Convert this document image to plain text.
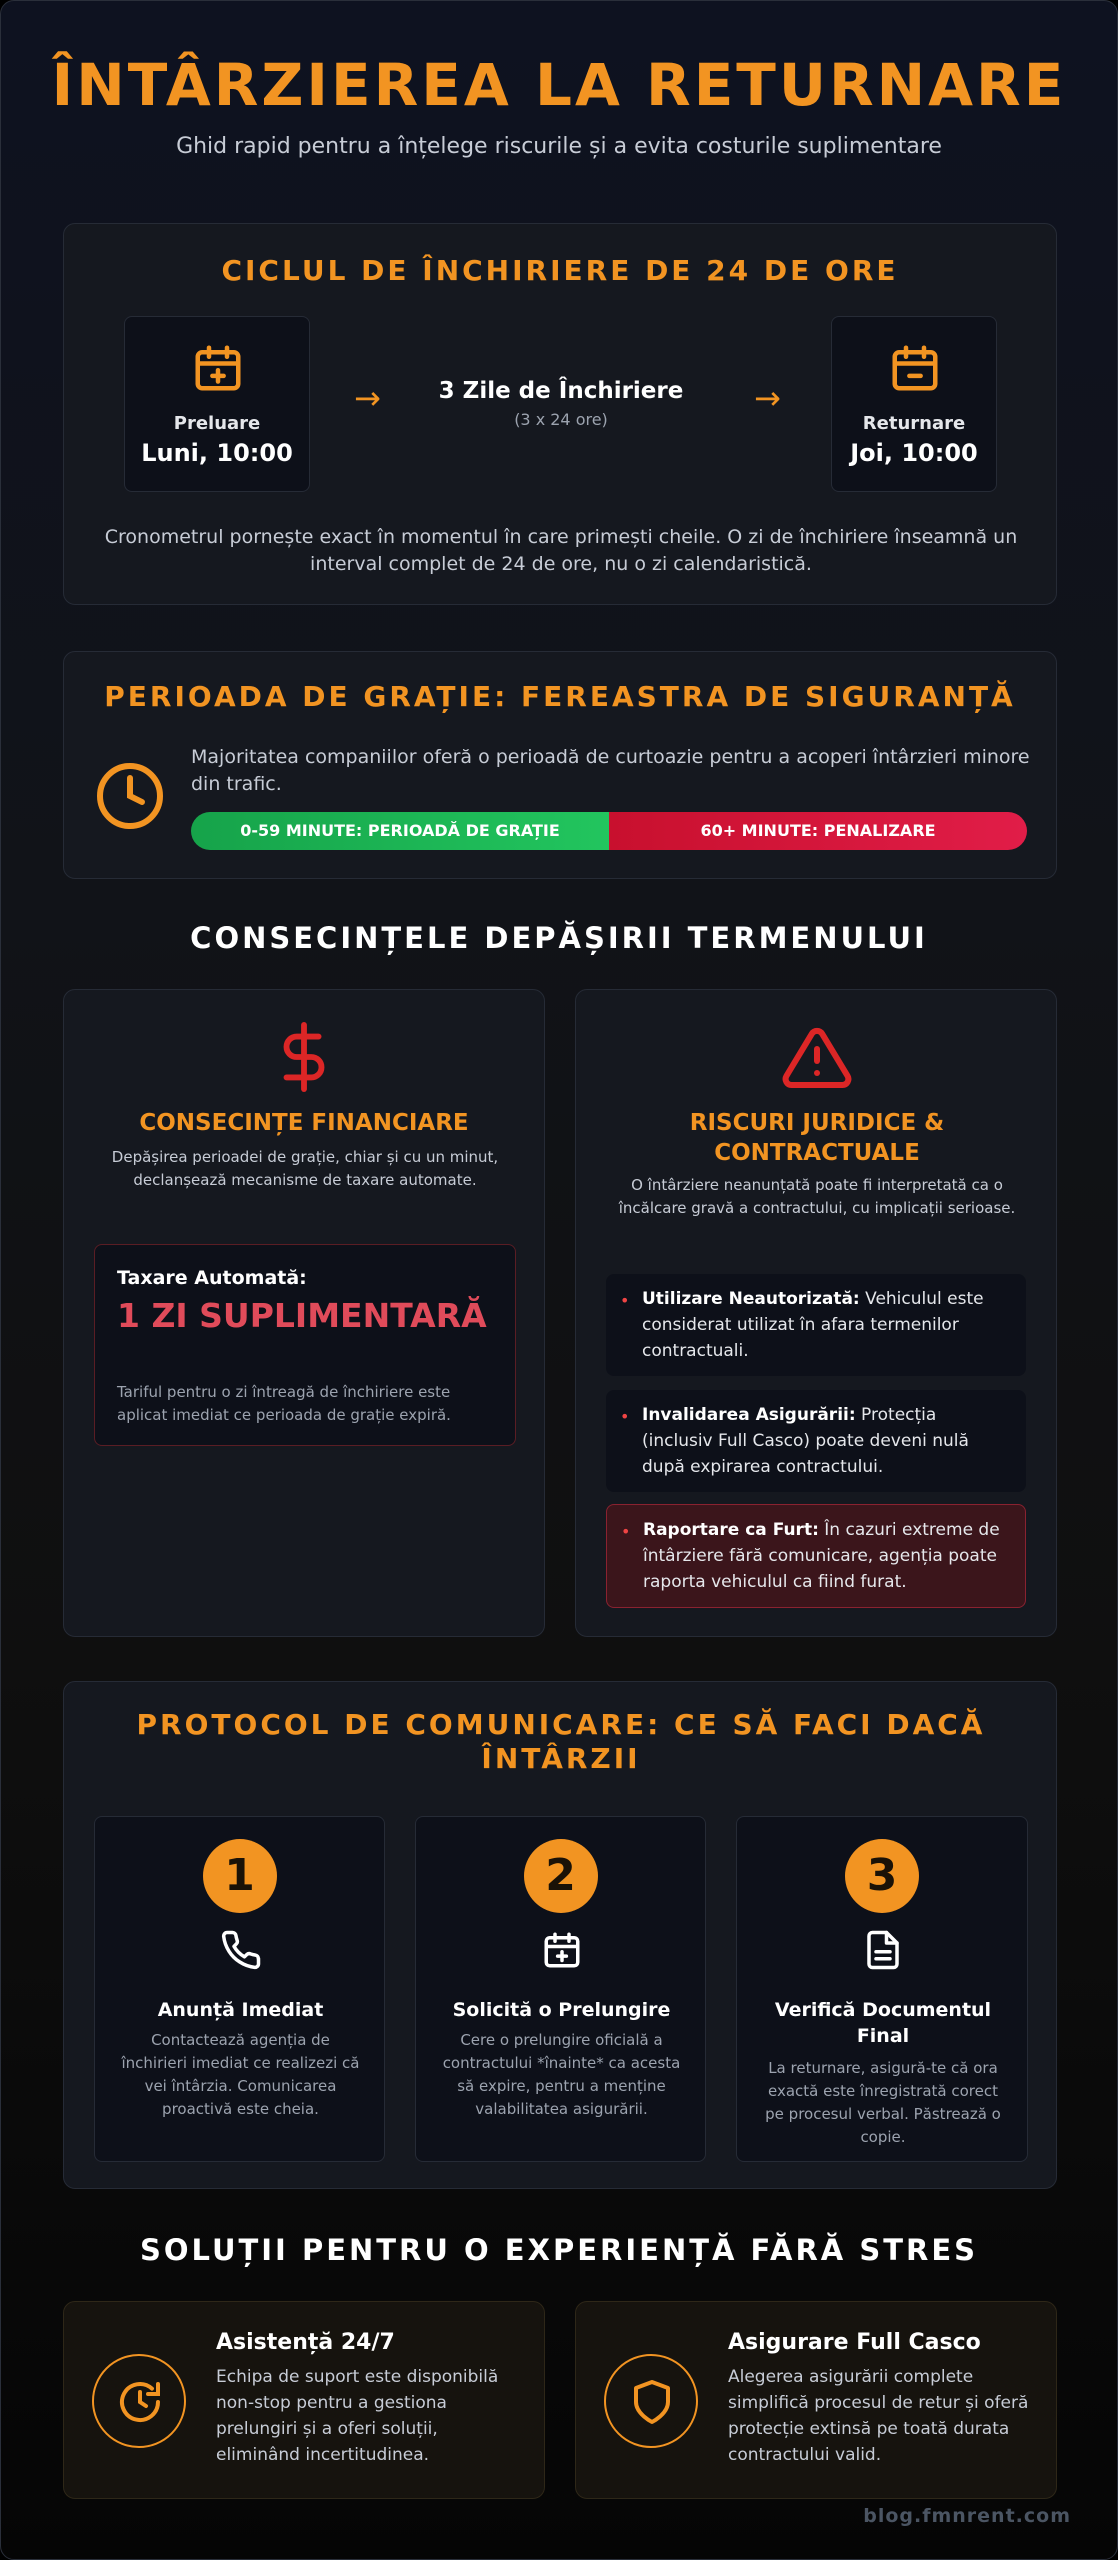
ÎNTÂRZIEREA LA RETURNARE
Ghid rapid pentru a înțelege riscurile și a evita costurile suplimentare
CICLUL DE ÎNCHIRIERE DE 24 DE ORE
Preluare
Luni, 10:00
→	3 Zile de Închiriere
(3 x 24 ore)
→
Returnare
Joi, 10:00
Cronometrul pornește exact în momentul în care primești cheile. O zi de închiriere înseamnă un interval complet de 24 de ore, nu o zi calendaristică.
PERIOADA DE GRAȚIE: FEREASTRA DE SIGURANȚĂ
Majoritatea companiilor oferă o perioadă de curtoazie pentru a acoperi întârzieri minore din trafic.
0-59 MINUTE: PERIOADĂ DE GRAȚIE	60+ MINUTE: PENALIZARE
CONSECINȚELE DEPĂȘIRII TERMENULUI
CONSECINȚE FINANCIARE
Depășirea perioadei de grație, chiar și cu un minut, declanșează mecanisme de taxare automate.
Taxare Automată:
1 ZI SUPLIMENTARĂ
Tariful pentru o zi întreagă de închiriere este aplicat imediat ce perioada de grație expiră.
RISCURI JURIDICE & CONTRACTUALE
O întârziere neanunțată poate fi interpretată ca o încălcare gravă a contractului, cu implicații serioase.
• Utilizare Neautorizată: Vehiculul este considerat utilizat în afara termenilor contractuali.
• Invalidarea Asigurării: Protecția (inclusiv Full Casco) poate deveni nulă după expirarea contractului.
• Raportare ca Furt: În cazuri extreme de întârziere fără comunicare, agenția poate raporta vehiculul ca fiind furat.
PROTOCOL DE COMUNICARE: CE SĂ FACI DACĂ ÎNTÂRZII
1
Anunță Imediat
Contactează agenția de închirieri imediat ce realizezi că vei întârzia. Comunicarea proactivă este cheia.
2
Solicită o Prelungire
Cere o prelungire oficială a contractului *înainte* ca acesta să expire, pentru a menține valabilitatea asigurării.
3
Verifică Documentul Final
La returnare, asigură-te că ora exactă este înregistrată corect pe procesul verbal. Păstrează o copie.
SOLUȚII PENTRU O EXPERIENȚĂ FĂRĂ STRES
Asistență 24/7
Echipa de suport este disponibilă non-stop pentru a gestiona prelungiri și a oferi soluții, eliminând incertitudinea.
Asigurare Full Casco
Alegerea asigurării complete simplifică procesul de retur și oferă protecție extinsă pe toată durata contractului valid.
blog.fmnrent.com
